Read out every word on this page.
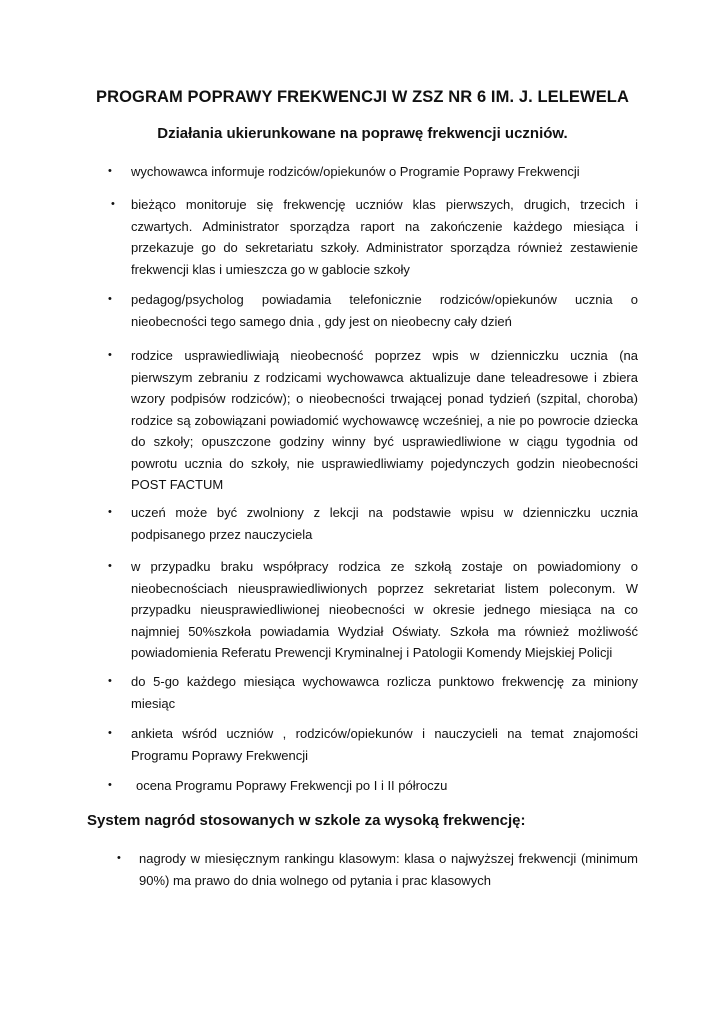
PROGRAM POPRAWY FREKWENCJI W ZSZ NR 6 IM. J. LELEWELA
Działania ukierunkowane na poprawę frekwencji uczniów.
• wychowawca informuje rodziców/opiekunów o Programie Poprawy Frekwencji
• bieżąco monitoruje się frekwencję uczniów klas pierwszych, drugich, trzecich i czwartych. Administrator sporządza raport na zakończenie każdego miesiąca i przekazuje go do sekretariatu szkoły. Administrator sporządza również zestawienie frekwencji klas i umieszcza go w gablocie szkoły
• pedagog/psycholog powiadamia telefonicznie rodziców/opiekunów ucznia o nieobecności tego samego dnia , gdy jest on nieobecny cały dzień
• rodzice usprawiedliwiają nieobecność poprzez wpis w dzienniczku ucznia (na pierwszym zebraniu z rodzicami wychowawca aktualizuje dane teleadresowe i zbiera wzory podpisów rodziców); o nieobecności trwającej ponad tydzień (szpital, choroba) rodzice są zobowiązani powiadomić wychowawcę wcześniej, a nie po powrocie dziecka do szkoły; opuszczone godziny winny być usprawiedliwione w ciągu tygodnia od powrotu ucznia do szkoły, nie usprawiedliwiamy pojedynczych godzin nieobecności POST FACTUM
• uczeń może być zwolniony z lekcji na podstawie wpisu w dzienniczku ucznia podpisanego przez nauczyciela
• w przypadku braku współpracy rodzica ze szkołą zostaje on powiadomiony o nieobecnościach nieusprawiedliwionych poprzez sekretariat listem poleconym. W przypadku nieusprawiedliwionej nieobecności w okresie jednego miesiąca na co najmniej 50%szkoła powiadamia Wydział Oświaty. Szkoła ma również możliwość powiadomienia Referatu Prewencji Kryminalnej i Patologii Komendy Miejskiej Policji
• do 5-go każdego miesiąca wychowawca rozlicza punktowo frekwencję za miniony miesiąc
• ankieta wśród uczniów , rodziców/opiekunów i nauczycieli na temat znajomości Programu Poprawy Frekwencji
• ocena Programu Poprawy Frekwencji po I i II półroczu
System nagród stosowanych w szkole za wysoką frekwencję:
• nagrody w miesięcznym rankingu klasowym: klasa o najwyższej frekwencji (minimum 90%) ma prawo do dnia wolnego od pytania i prac klasowych
